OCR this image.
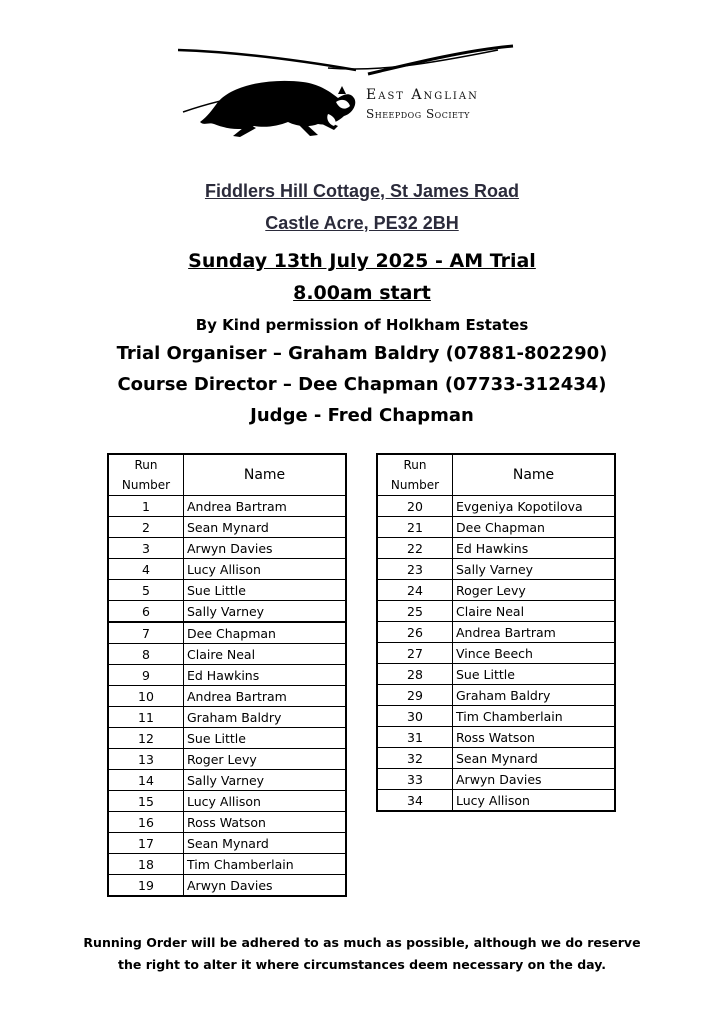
East Anglian
Sheepdog Society
Fiddlers Hill Cottage, St James Road
Castle Acre, PE32 2BH
Sunday 13th July 2025 - AM Trial
8.00am start
By Kind permission of Holkham Estates
Trial Organiser – Graham Baldry (07881-802290)
Course Director – Dee Chapman (07733-312434)
Judge - Fred Chapman
Run
Number	Name
1	Andrea Bartram
2	Sean Mynard
3	Arwyn Davies
4	Lucy Allison
5	Sue Little
6	Sally Varney
7	Dee Chapman
8	Claire Neal
9	Ed Hawkins
10	Andrea Bartram
11	Graham Baldry
12	Sue Little
13	Roger Levy
14	Sally Varney
15	Lucy Allison
16	Ross Watson
17	Sean Mynard
18	Tim Chamberlain
19	Arwyn Davies
Run
Number	Name
20	Evgeniya Kopotilova
21	Dee Chapman
22	Ed Hawkins
23	Sally Varney
24	Roger Levy
25	Claire Neal
26	Andrea Bartram
27	Vince Beech
28	Sue Little
29	Graham Baldry
30	Tim Chamberlain
31	Ross Watson
32	Sean Mynard
33	Arwyn Davies
34	Lucy Allison
Running Order will be adhered to as much as possible, although we do reserve
the right to alter it where circumstances deem necessary on the day.
